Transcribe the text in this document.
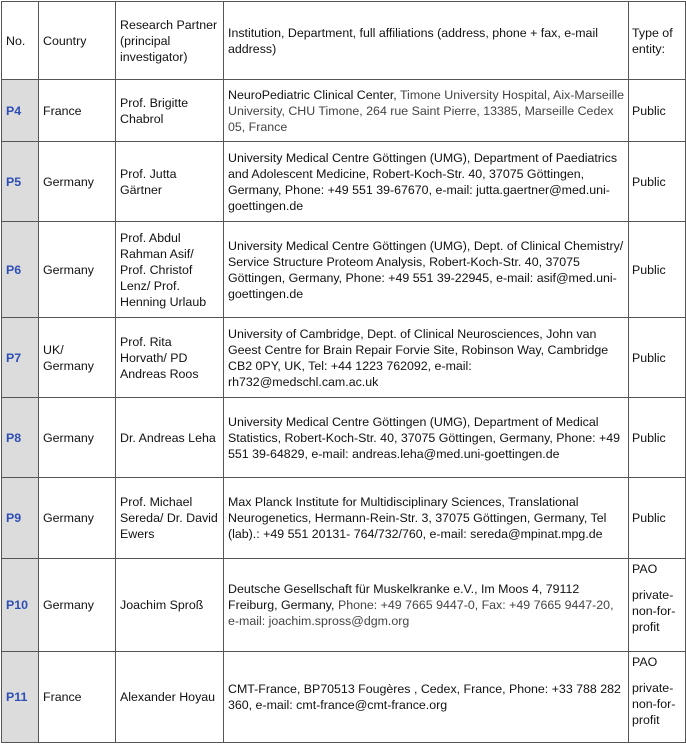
No.	Country	Research Partner (principal investigator)	Institution, Department, full affiliations (address, phone + fax, e-mail address)	Type of entity:
P4	France	Prof. Brigitte Chabrol	NeuroPediatric Clinical Center, Timone University Hospital, Aix-Marseille University, CHU Timone, 264 rue Saint Pierre, 13385, Marseille Cedex 05, France	Public
P5	Germany	Prof. Jutta Gärtner	University Medical Centre Göttingen (UMG), Department of Paediatrics and Adolescent Medicine, Robert-Koch-Str. 40, 37075 Göttingen, Germany, Phone: +49 551 39-67670, e-mail: jutta.gaertner@med.uni-goettingen.de	Public
P6	Germany	Prof. Abdul Rahman Asif/ Prof. Christof Lenz/ Prof. Henning Urlaub	University Medical Centre Göttingen (UMG), Dept. of Clinical Chemistry/ Service Structure Proteom Analysis, Robert-Koch-Str. 40, 37075 Göttingen, Germany, Phone: +49 551 39-22945, e-mail: asif@med.uni-goettingen.de	Public
P7	UK/ Germany	Prof. Rita Horvath/ PD Andreas Roos	University of Cambridge, Dept. of Clinical Neurosciences, John van Geest Centre for Brain Repair Forvie Site, Robinson Way, Cambridge CB2 0PY, UK, Tel: +44 1223 762092, e-mail: rh732@medschl.cam.ac.uk	Public
P8	Germany	Dr. Andreas Leha	University Medical Centre Göttingen (UMG), Department of Medical Statistics, Robert-Koch-Str. 40, 37075 Göttingen, Germany, Phone: +49 551 39-64829, e-mail: andreas.leha@med.uni-goettingen.de	Public
P9	Germany	Prof. Michael Sereda/ Dr. David Ewers	Max Planck Institute for Multidisciplinary Sciences, Translational Neurogenetics, Hermann-Rein-Str. 3, 37075 Göttingen, Germany, Tel (lab).: +49 551 20131- 764/732/760, e-mail: sereda@mpinat.mpg.de	Public
P10	Germany	Joachim Sproß	Deutsche Gesellschaft für Muskelkranke e.V., Im Moos 4, 79112 Freiburg, Germany, Phone: +49 7665 9447-0, Fax: +49 7665 9447-20, e-mail: joachim.spross@dgm.org	PAO
private-non-for-profit
P11	France	Alexander Hoyau	CMT-France, BP70513 Fougères , Cedex, France, Phone: +33 788 282 360, e-mail: cmt-france@cmt-france.org	PAO
private-non-for-profit
